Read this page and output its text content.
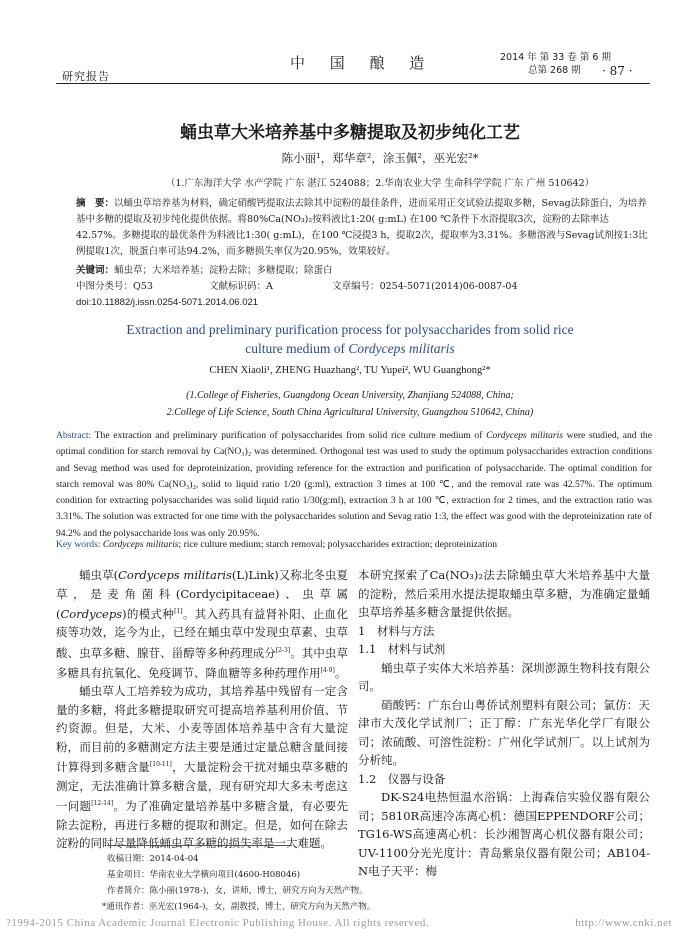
研究报告
中 国 酿 造	2014 年 第 33 卷 第 6 期
总第 268 期	· 87 ·
蛹虫草大米培养基中多糖提取及初步纯化工艺
陈小丽¹，郑华章²，涂玉佩²，巫光宏²*
（1.广东海洋大学 水产学院 广东 湛江 524088；2.华南农业大学 生命科学学院 广东 广州 510642）
摘　要：以蛹虫草培养基为材料，确定硝酸钙提取法去除其中淀粉的最佳条件，进而采用正交试验法提取多糖，Sevag法除蛋白，为培养基中多糖的提取及初步纯化提供依据。将80%Ca(NO₃)₂按料液比1:20( g:mL) 在100 ℃条件下水浴提取3次，淀粉的去除率达42.57%。多糖提取的最优条件为料液比1:30( g:mL)，在100 ℃浸提3 h，提取2次，提取率为3.31%。多糖溶液与Sevag试剂按1:3比例提取1次，脱蛋白率可达94.2%，而多糖损失率仅为20.95%，效果较好。
关键词：蛹虫草；大米培养基；淀粉去除；多糖提取；除蛋白
中图分类号：Q53	文献标识码：A	文章编号：0254-5071(2014)06-0087-04
doi:10.11882/j.issn.0254-5071.2014.06.021
Extraction and preliminary purification process for polysaccharides from solid rice
culture medium of Cordyceps militaris
CHEN Xiaoli¹, ZHENG Huazhang², TU Yupei², WU Guanghong²*
(1.College of Fisheries, Guangdong Ocean University, Zhanjiang 524088, China;
2.College of Life Science, South China Agricultural University, Guangzhou 510642, China)
Abstract: The extraction and preliminary purification of polysaccharides from solid rice culture medium of Cordyceps militaris were studied, and the optimal condition for starch removal by Ca(NO₃)₂ was determined. Orthogonal test was used to study the optimum polysaccharides extraction conditions and Sevag method was used for deproteinization, providing reference for the extraction and purification of polysaccharide. The optimal condition for starch removal was 80% Ca(NO₃)₂, solid to liquid ratio 1/20 (g:ml), extraction 3 times at 100 ℃, and the removal rate was 42.57%. The optimum condition for extracting polysaccharides was solid liquid ratio 1/30(g:ml), extraction 3 h at 100 ℃, extraction for 2 times, and the extraction ratio was 3.31%. The solution was extracted for one time with the polysaccharides solution and Sevag ratio 1:3, the effect was good with the deproteinization rate of 94.2% and the polysaccharide loss was only 20.95%.
Key words: Cordyceps militaris; rice culture medium; starch removal; polysaccharides extraction; deproteinization

蛹虫草(Cordyceps militaris(L)Link)又称北冬虫夏草，是麦角菌科(Cordycipitaceae)、虫草属(Cordyceps)的模式种[1]。其入药具有益肾补阳、止血化痰等功效，迄今为止，已经在蛹虫草中发现虫草素、虫草酸、虫草多糖、腺苷、甾醇等多种药理成分[2-3]。其中虫草多糖具有抗氧化、免疫调节、降血糖等多种药理作用[4-9]。

蛹虫草人工培养较为成功，其培养基中残留有一定含量的多糖，将此多糖提取研究可提高培养基利用价值、节约资源。但是，大米、小麦等固体培养基中含有大量淀粉，而目前的多糖测定方法主要是通过定量总糖含量间接计算得到多糖含量[10-11]，大量淀粉会干扰对蛹虫草多糖的测定，无法准确计算多糖含量，现有研究却大多未考虑这一问题[12-14]。为了准确定量培养基中多糖含量，有必要先除去淀粉，再进行多糖的提取和测定。但是，如何在除去淀粉的同时尽量降低蛹虫草多糖的损失率是一大难题。

本研究探索了Ca(NO₃)₂法去除蛹虫草大米培养基中大量的淀粉，然后采用水提法提取蛹虫草多糖，为准确定量蛹虫草培养基多糖含量提供依据。

1　材料与方法

1.1　材料与试剂

蛹虫草子实体大米培养基：深圳澎源生物科技有限公司。

硝酸钙：广东台山粤侨试剂塑料有限公司；氯仿：天津市大茂化学试剂厂；正丁醇：广东光华化学厂有限公司；浓硫酸、可溶性淀粉：广州化学试剂厂。以上试剂为分析纯。

1.2　仪器与设备

DK-S24电热恒温水浴锅：上海森信实验仪器有限公司；5810R高速冷冻离心机：德国EPPENDORF公司；TG16-WS高速离心机：长沙湘智离心机仪器有限公司；UV-1100分光光度计：青岛紫泉仪器有限公司；AB104-N电子天平：梅

收稿日期：2014-04-04
基金项目：华南农业大学横向项目(4600-H08046)
作者简介：陈小丽(1978-)，女，讲师，博士，研究方向为天然产物。
*通讯作者：巫光宏(1964-)，女，副教授，博士，研究方向为天然产物。
?1994-2015 China Academic Journal Electronic Publishing House. All rights reserved.	http://www.cnki.net
